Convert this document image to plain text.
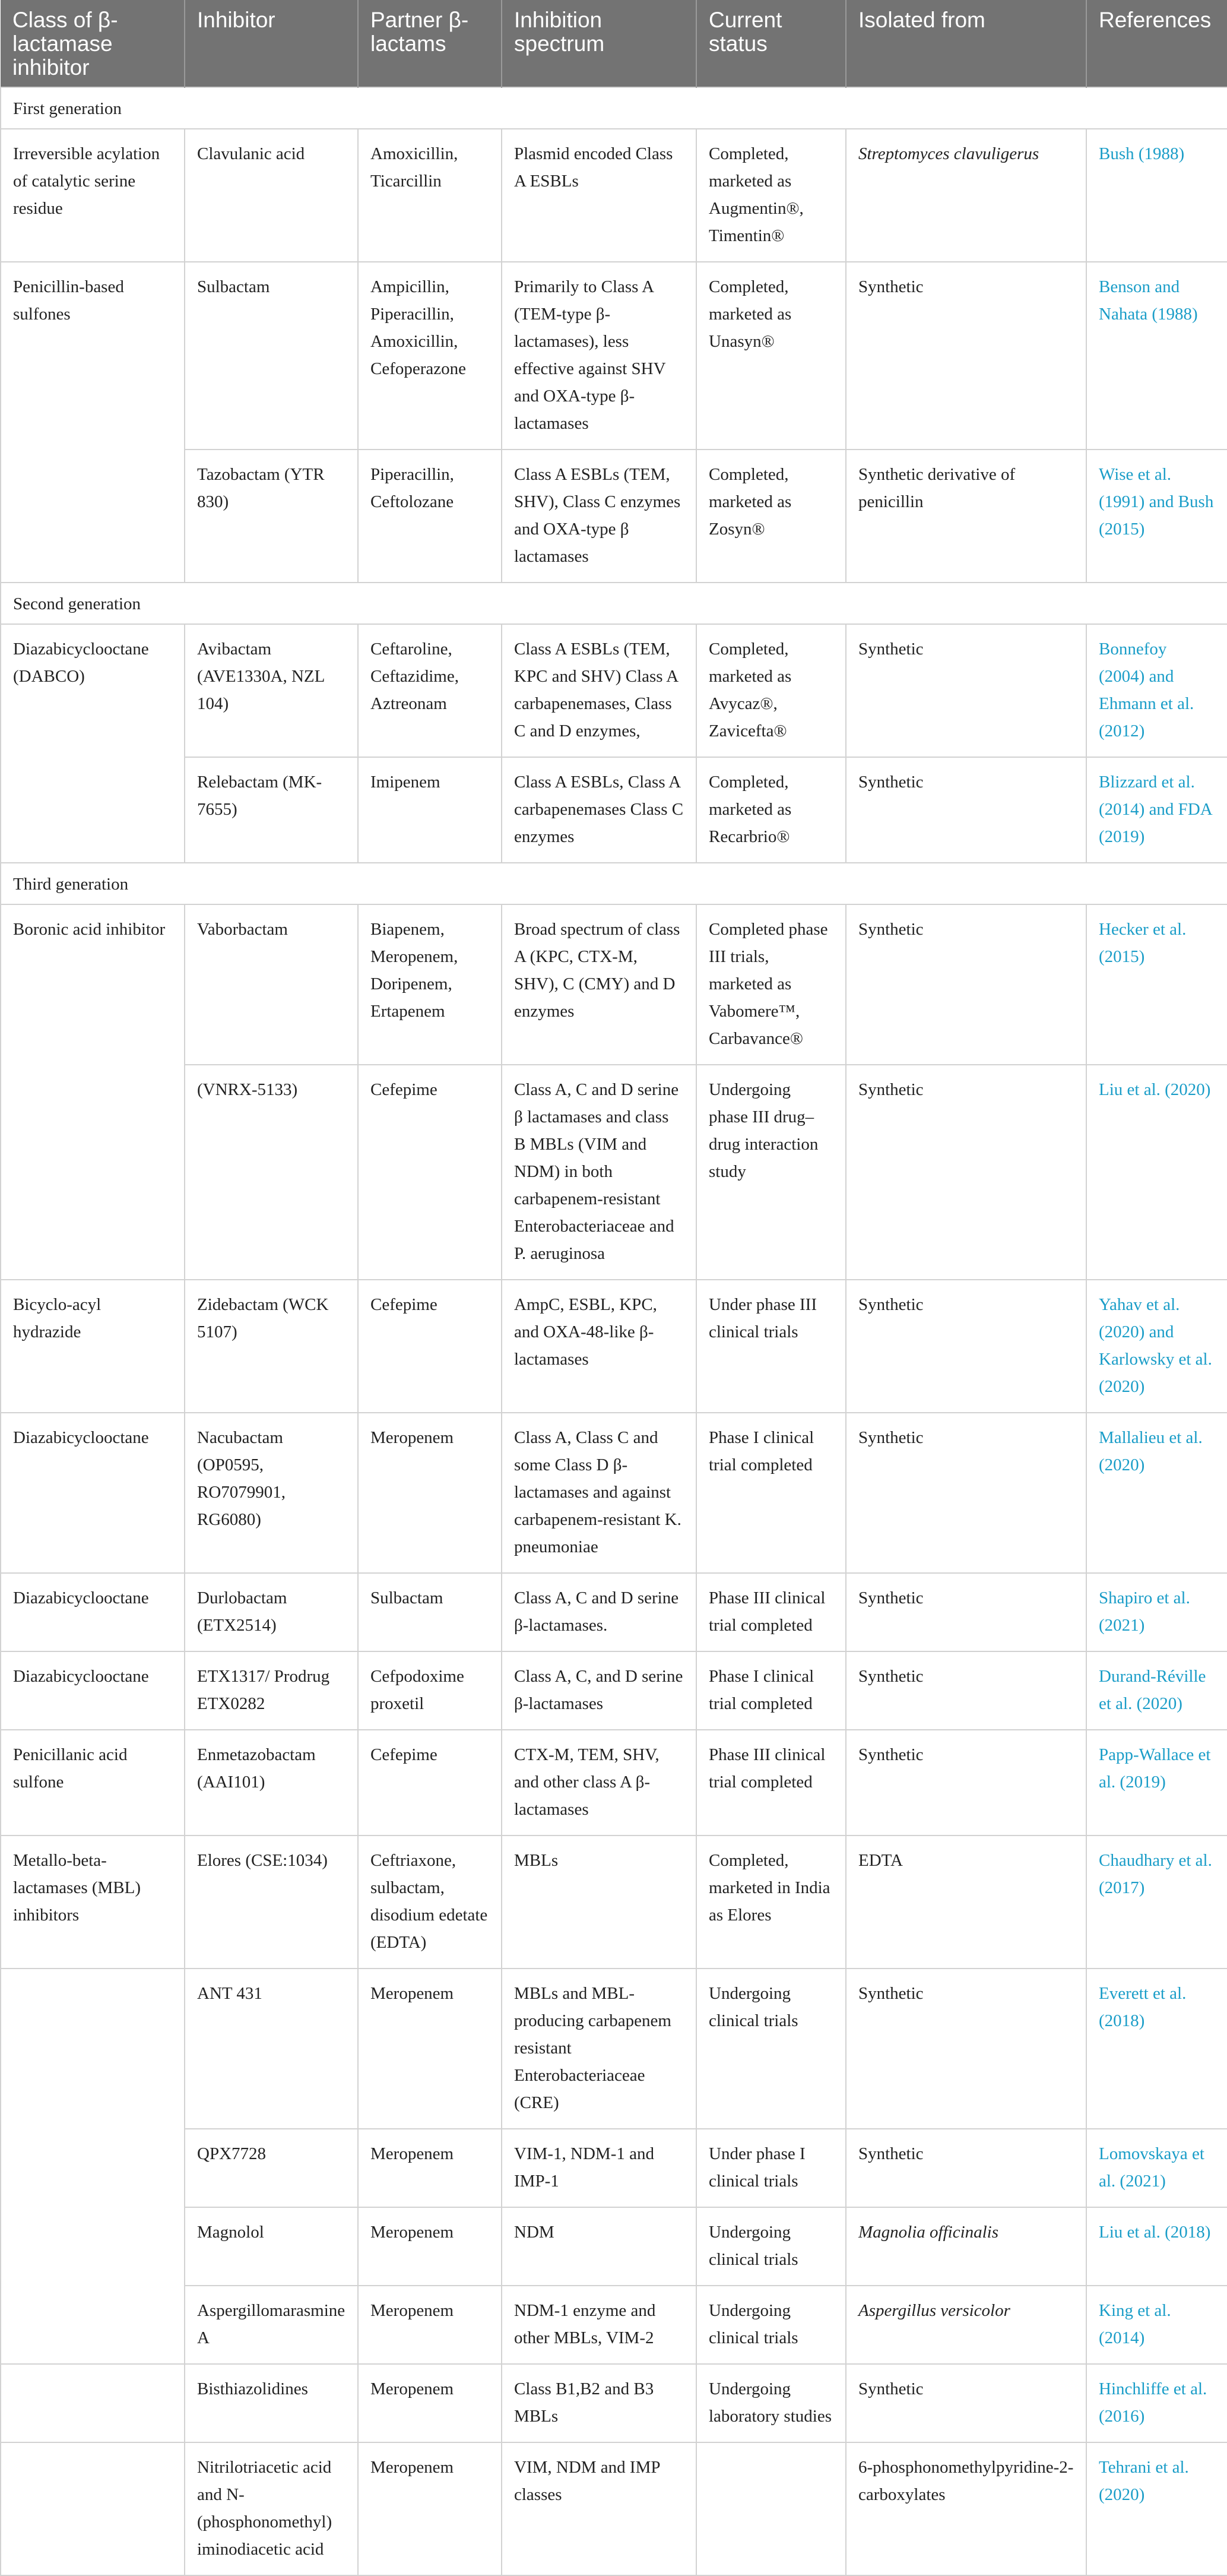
Class of β-lactamase inhibitor	Inhibitor	Partner β-lactams	Inhibition spectrum	Current status	Isolated from	References
First generation						
Irreversible acylation of catalytic serine residue	Clavulanic acid	Amoxicillin, Ticarcillin	Plasmid encoded Class A ESBLs	Completed, marketed as Augmentin®, Timentin®	Streptomyces clavuligerus	Bush (1988)
Penicillin-based sulfones	Sulbactam	Ampicillin, Piperacillin, Amoxicillin, Cefoperazone	Primarily to Class A (TEM-type β-lactamases), less effective against SHV and OXA-type β-lactamases	Completed, marketed as Unasyn®	Synthetic	Benson and Nahata (1988)
	Tazobactam (YTR 830)	Piperacillin, Ceftolozane	Class A ESBLs (TEM, SHV), Class C enzymes and OXA-type β lactamases	Completed, marketed as Zosyn®	Synthetic derivative of penicillin	Wise et al. (1991) and Bush (2015)
Second generation						
Diazabicyclooctane (DABCO)	Avibactam (AVE1330A, NZL 104)	Ceftaroline, Ceftazidime, Aztreonam	Class A ESBLs (TEM, KPC and SHV) Class A carbapenemases, Class C and D enzymes,	Completed, marketed as Avycaz®, Zavicefta®	Synthetic	Bonnefoy (2004) and Ehmann et al. (2012)
	Relebactam (MK-7655)	Imipenem	Class A ESBLs, Class A carbapenemases Class C enzymes	Completed, marketed as Recarbrio®	Synthetic	Blizzard et al. (2014) and FDA (2019)
Third generation						
Boronic acid inhibitor	Vaborbactam	Biapenem, Meropenem, Doripenem, Ertapenem	Broad spectrum of class A (KPC, CTX-M, SHV), C (CMY) and D enzymes	Completed phase III trials, marketed as Vabomere™, Carbavance®	Synthetic	Hecker et al. (2015)
	(VNRX-5133)	Cefepime	Class A, C and D serine β lactamases and class B MBLs (VIM and NDM) in both carbapenem-resistant Enterobacteriaceae and P. aeruginosa	Undergoing phase III drug–drug interaction study	Synthetic	Liu et al. (2020)
Bicyclo-acyl hydrazide	Zidebactam (WCK 5107)	Cefepime	AmpC, ESBL, KPC, and OXA-48-like β-lactamases	Under phase III clinical trials	Synthetic	Yahav et al. (2020) and Karlowsky et al. (2020)
Diazabicyclooctane	Nacubactam (OP0595, RO7079901, RG6080)	Meropenem	Class A, Class C and some Class D β-lactamases and against carbapenem-resistant K. pneumoniae	Phase I clinical trial completed	Synthetic	Mallalieu et al. (2020)
Diazabicyclooctane	Durlobactam (ETX2514)	Sulbactam	Class A, C and D serine β-lactamases.	Phase III clinical trial completed	Synthetic	Shapiro et al. (2021)
Diazabicyclooctane	ETX1317/ Prodrug ETX0282	Cefpodoxime proxetil	Class A, C, and D serine β-lactamases	Phase I clinical trial completed	Synthetic	Durand-Réville et al. (2020)
Penicillanic acid sulfone	Enmetazobactam (AAI101)	Cefepime	CTX-M, TEM, SHV, and other class A β-lactamases	Phase III clinical trial completed	Synthetic	Papp-Wallace et al. (2019)
Metallo-beta-lactamases (MBL) inhibitors	Elores (CSE:1034)	Ceftriaxone, sulbactam, disodium edetate (EDTA)	MBLs	Completed, marketed in India as Elores	EDTA	Chaudhary et al. (2017)
	ANT 431	Meropenem	MBLs and MBL-producing carbapenem resistant Enterobacteriaceae (CRE)	Undergoing clinical trials	Synthetic	Everett et al. (2018)
	QPX7728	Meropenem	VIM-1, NDM-1 and IMP-1	Under phase I clinical trials	Synthetic	Lomovskaya et al. (2021)
	Magnolol	Meropenem	NDM	Undergoing clinical trials	Magnolia officinalis	Liu et al. (2018)
	Aspergillomarasmine A	Meropenem	NDM-1 enzyme and other MBLs, VIM-2	Undergoing clinical trials	Aspergillus versicolor	King et al. (2014)
	Bisthiazolidines	Meropenem	Class B1,B2 and B3 MBLs	Undergoing laboratory studies	Synthetic	Hinchliffe et al. (2016)
	Nitrilotriacetic acid and N-(phosphonomethyl) iminodiacetic acid	Meropenem	VIM, NDM and IMP classes		6-phosphonomethylpyridine-2-carboxylates	Tehrani et al. (2020)
